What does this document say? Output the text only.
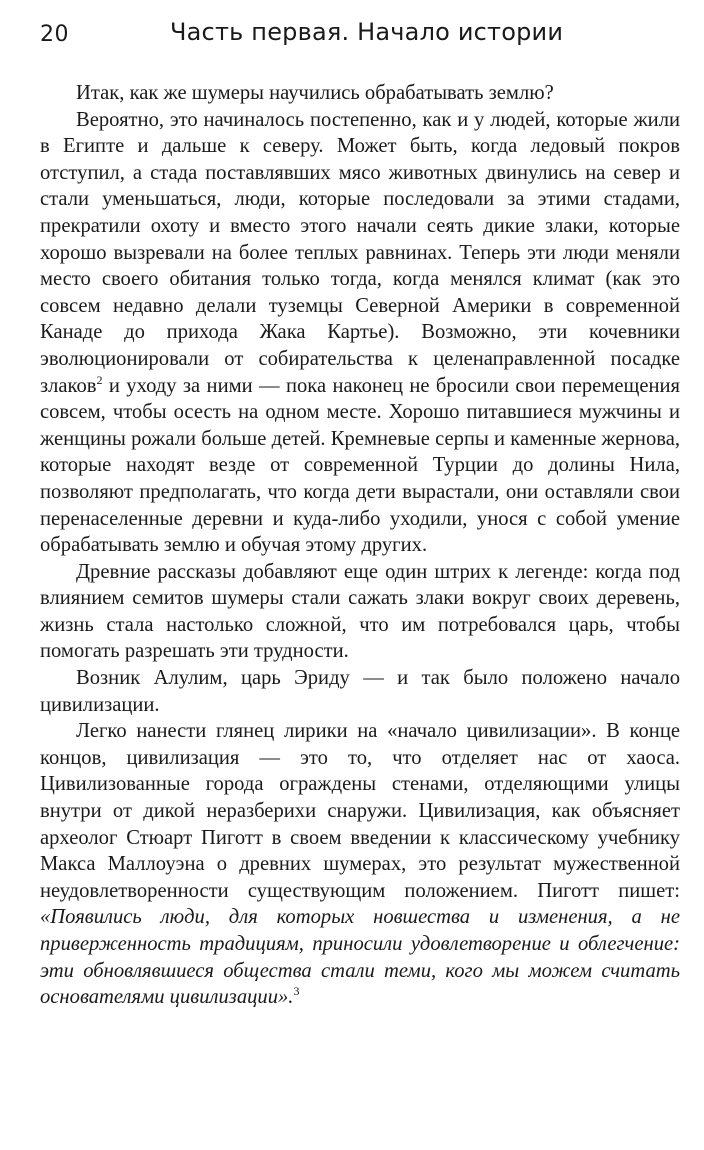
20	Часть первая. Начало истории

Итак, как же шумеры научились обрабатывать землю?

Вероятно, это начиналось постепенно, как и у людей, которые жили в Египте и дальше к северу. Может быть, когда ледовый покров отступил, а стада поставлявших мясо животных двинулись на север и стали уменьшаться, люди, которые последовали за этими стадами, прекратили охоту и вместо этого начали сеять дикие злаки, которые хорошо вызревали на более теплых равнинах. Теперь эти люди меняли место своего обитания только тогда, когда менялся климат (как это совсем недавно делали туземцы Северной Америки в современной Канаде до прихода Жака Картье). Возможно, эти кочевники эволюционировали от собирательства к целенаправленной посадке злаков$^2$ и уходу за ними — пока наконец не бросили свои перемещения совсем, чтобы осесть на одном месте. Хорошо питавшиеся мужчины и женщины рожали больше детей. Кремневые серпы и каменные жернова, которые находят везде от современной Турции до долины Нила, позволяют предполагать, что когда дети вырастали, они оставляли свои перенаселенные деревни и куда-либо уходили, унося с собой умение обрабатывать землю и обучая этому других.

Древние рассказы добавляют еще один штрих к легенде: когда под влиянием семитов шумеры стали сажать злаки вокруг своих деревень, жизнь стала настолько сложной, что им потребовался царь, чтобы помогать разрешать эти трудности.

Возник Алулим, царь Эриду — и так было положено начало цивилизации.

Легко нанести глянец лирики на «начало цивилизации». В конце концов, цивилизация — это то, что отделяет нас от хаоса. Цивилизованные города ограждены стенами, отделяющими улицы внутри от дикой неразберихи снаружи. Цивилизация, как объясняет археолог Стюарт Пиготт в своем введении к классическому учебнику Макса Маллоуэна о древних шумерах, это результат мужественной неудовлетворенности существующим положением. Пиготт пишет: «Появились люди, для которых новшества и изменения, а не приверженность традициям, приносили удовлетворение и облегчение: эти обновлявшиеся общества стали теми, кого мы можем считать основателями цивилизации».$^3$
